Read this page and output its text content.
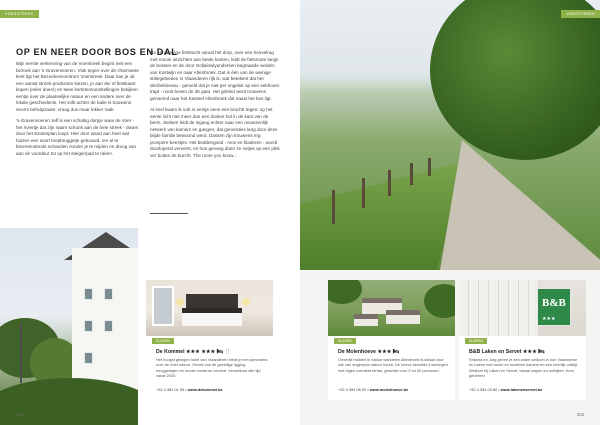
VOERSTREEK
OP EN NEER DOOR BOS EN DAL

Mijn eerste verkenning van de Voerstreek begint met een bezoek aan 's-Gravenvoeren. Vlak tegen-over de charmante kerk ligt het Bezoekerscentrum Voerstreek. Daar kan je uit een aantal streek-producten kiezen, je aan de/ of fietskaart kopen (reiler doen!) en twee kortetentoonstellingen bekijken: eentje over de plaatselijke natuur en een andere over de lokale geschiedenis. Het volk achter de balie is trouwens enorm behulpzaam: vraag dus maar lekker raak.

's-Gravenvoeren zelf is een schattig dorpje waar de Voer - het riviertje dat zijn naam schonk aan de hele streek - dwars door het stratenplan loopt. Hier door wand aan heel wat huizen een soort toepbruggetje gebouwd, om al te bevreemdende schanden zonder je te mijden en droog van aan de voordeur tot op het steiger/pad te raken.

Na een stevige fietstocht vanuit het dorp, over een heuvelrug met mooie uitzichten aan beide kanten, leidt de fietsroute langs de bossen en de door Gollalowlyandersen begraasde weiden van Kostwijn en naar Altenbroek. Dat is één van de weinige stiltegebieden in Vlaanderen rijk is, wat betekent dat het decibelniveau - gemeld dat je niet per ongeluk op een eekhoorn trapt - nooit boven de 35 gaat. Het gebied werd trouwens genoemd naar het Kasteel Altenbroek dat naast het bos ligt.

Al snel kwam ik ook in eentje eens een bruchtt tegen: op het eente licht niet meer dan een donker hol in de kant van de berm. Stelsen leidt de ingang echter naar een onwezenlijk netwerk van kamers en gangen, dat generaties lang door deze blijde familie bewoond werd. Dassen zijn trouwens erg pronpere beestjes. Het beddengoed - mos en bladeren - wordt doorlopend ververst, en hun gevoeg doen ze netjes op een plek ver buiten de burcht. The more you know...

202
VOERSTREEK
SLAPEN
De Kommel ★★★ ★★★ 🛏 🍴
Het hoogst gelegen hotel van Vlaanderen biedt je een panorama over de Voer natuur. Geniet van de gezellige ligging, hooggelegen en mooie moderne comfort. Verwelkom alle tijd vanaf 2020.
+32 4 381 01 95 • www.dekommel.be
SLAPEN
De Molenhoeve ★★★ 🛏
Onverlijf midden in natuur wandelen Altenbroek is ideaal voor wie van ongerepte natuur houdt. De hoeve beschikt 4 woningen met eigen overdekt terras, geschikt voor 2 tot 30 personen.
+32 4 381 06 00 • www.molenhoeve.be
B&B
★★★
SLAPEN
B&B Laken en Servet ★★★ 🛏
Shanna en Jorg geven je een warm welkom in hun Vlaanderse en hoeve met ruime en moderne kamers en een heerlijk ontbijt. Welkom bij Laken en Servet, ideaal slapen en ontbijten. Kom genieten!
+32 4 381 03 80 • www.lakenenservet.be
203
